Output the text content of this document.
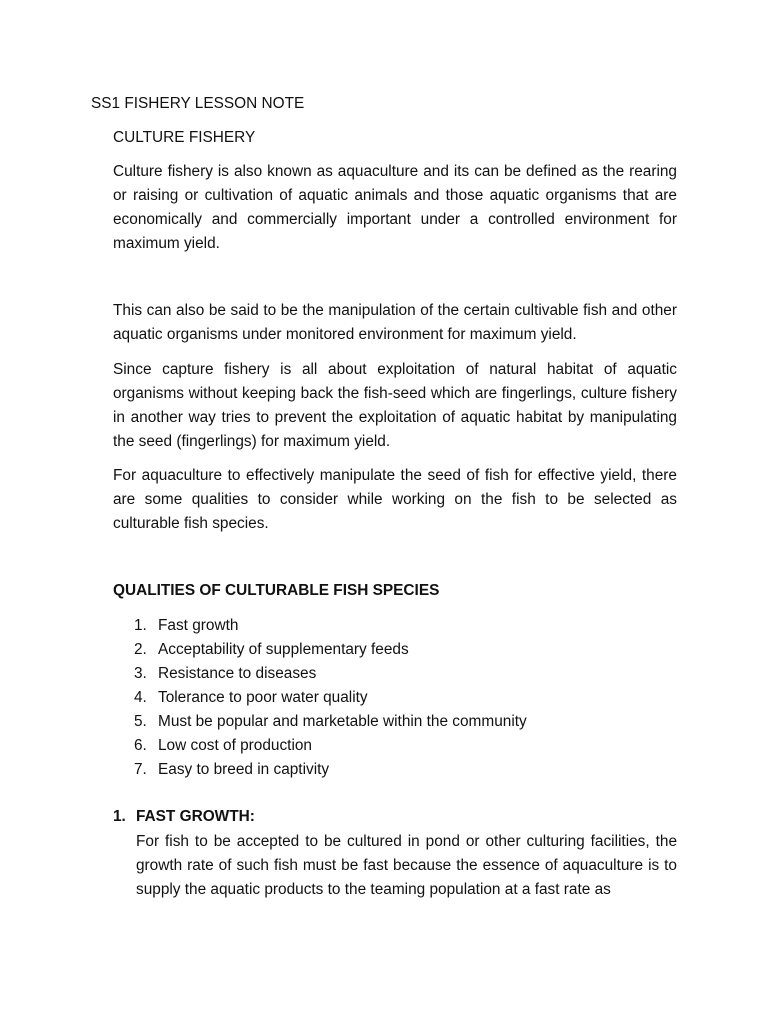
SS1 FISHERY LESSON NOTE
CULTURE FISHERY

Culture fishery is also known as aquaculture and its can be defined as the rearing or raising or cultivation of aquatic animals and those aquatic organisms that are economically and commercially important under a controlled environment for maximum yield.

This can also be said to be the manipulation of the certain cultivable fish and other aquatic organisms under monitored environment for maximum yield.

Since capture fishery is all about exploitation of natural habitat of aquatic organisms without keeping back the fish-seed which are fingerlings, culture fishery in another way tries to prevent the exploitation of aquatic habitat by manipulating the seed (fingerlings) for maximum yield.

For aquaculture to effectively manipulate the seed of fish for effective yield, there are some qualities to consider while working on the fish to be selected as culturable fish species.

QUALITIES OF CULTURABLE FISH SPECIES
1. Fast growth
2. Acceptability of supplementary feeds
3. Resistance to diseases
4. Tolerance to poor water quality
5. Must be popular and marketable within the community
6. Low cost of production
7. Easy to breed in captivity
1. FAST GROWTH:

For fish to be accepted to be cultured in pond or other culturing facilities, the growth rate of such fish must be fast because the essence of aquaculture is to supply the aquatic products to the teaming population at a fast rate as
